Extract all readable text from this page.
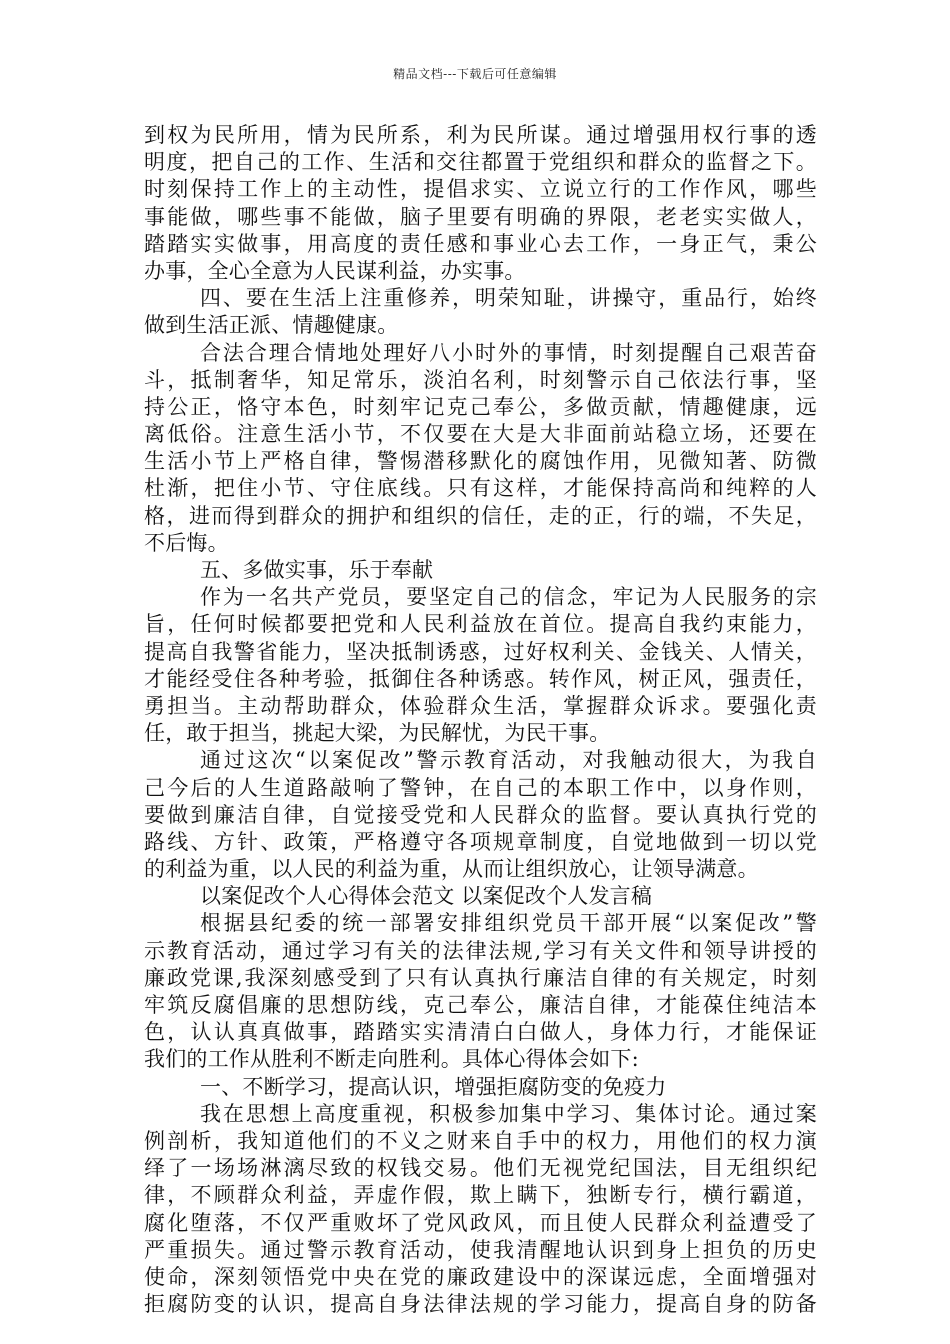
精品文档---下载后可任意编辑
到权为民所用，情为民所系，利为民所谋。通过增强用权行事的透
明度，把自己的工作、生活和交往都置于党组织和群众的监督之下。
时刻保持工作上的主动性，提倡求实、立说立行的工作作风，哪些
事能做，哪些事不能做，脑子里要有明确的界限，老老实实做人，
踏踏实实做事，用高度的责任感和事业心去工作，一身正气，秉公
办事，全心全意为人民谋利益，办实事。
四、要在生活上注重修养，明荣知耻，讲操守，重品行，始终
做到生活正派、情趣健康。
合法合理合情地处理好八小时外的事情，时刻提醒自己艰苦奋
斗，抵制奢华，知足常乐，淡泊名利，时刻警示自己依法行事，坚
持公正，恪守本色，时刻牢记克己奉公，多做贡献，情趣健康，远
离低俗。注意生活小节，不仅要在大是大非面前站稳立场，还要在
生活小节上严格自律，警惕潜移默化的腐蚀作用，见微知著、防微
杜渐，把住小节、守住底线。只有这样，才能保持高尚和纯粹的人
格，进而得到群众的拥护和组织的信任，走的正，行的端，不失足，
不后悔。
五、多做实事，乐于奉献
作为一名共产党员，要坚定自己的信念，牢记为人民服务的宗
旨，任何时候都要把党和人民利益放在首位。提高自我约束能力，
提高自我警省能力，坚决抵制诱惑，过好权利关、金钱关、人情关，
才能经受住各种考验，抵御住各种诱惑。转作风，树正风，强责任，
勇担当。主动帮助群众，体验群众生活，掌握群众诉求。要强化责
任，敢于担当，挑起大梁，为民解忧，为民干事。
通过这次“以案促改”警示教育活动，对我触动很大，为我自
己今后的人生道路敲响了警钟，在自己的本职工作中，以身作则，
要做到廉洁自律，自觉接受党和人民群众的监督。要认真执行党的
路线、方针、政策，严格遵守各项规章制度，自觉地做到一切以党
的利益为重，以人民的利益为重，从而让组织放心，让领导满意。
以案促改个人心得体会范文 以案促改个人发言稿
根据县纪委的统一部署安排组织党员干部开展“以案促改”警
示教育活动，通过学习有关的法律法规,学习有关文件和领导讲授的
廉政党课,我深刻感受到了只有认真执行廉洁自律的有关规定，时刻
牢筑反腐倡廉的思想防线，克己奉公，廉洁自律，才能葆住纯洁本
色，认认真真做事，踏踏实实清清白白做人，身体力行，才能保证
我们的工作从胜利不断走向胜利。具体心得体会如下:
一、不断学习，提高认识，增强拒腐防变的免疫力
我在思想上高度重视，积极参加集中学习、集体讨论。通过案
例剖析，我知道他们的不义之财来自手中的权力，用他们的权力演
绎了一场场淋漓尽致的权钱交易。他们无视党纪国法，目无组织纪
律，不顾群众利益，弄虚作假，欺上瞒下，独断专行，横行霸道，
腐化堕落，不仅严重败坏了党风政风，而且使人民群众利益遭受了
严重损失。通过警示教育活动，使我清醒地认识到身上担负的历史
使命，深刻领悟党中央在党的廉政建设中的深谋远虑，全面增强对
拒腐防变的认识，提高自身法律法规的学习能力，提高自身的防备
